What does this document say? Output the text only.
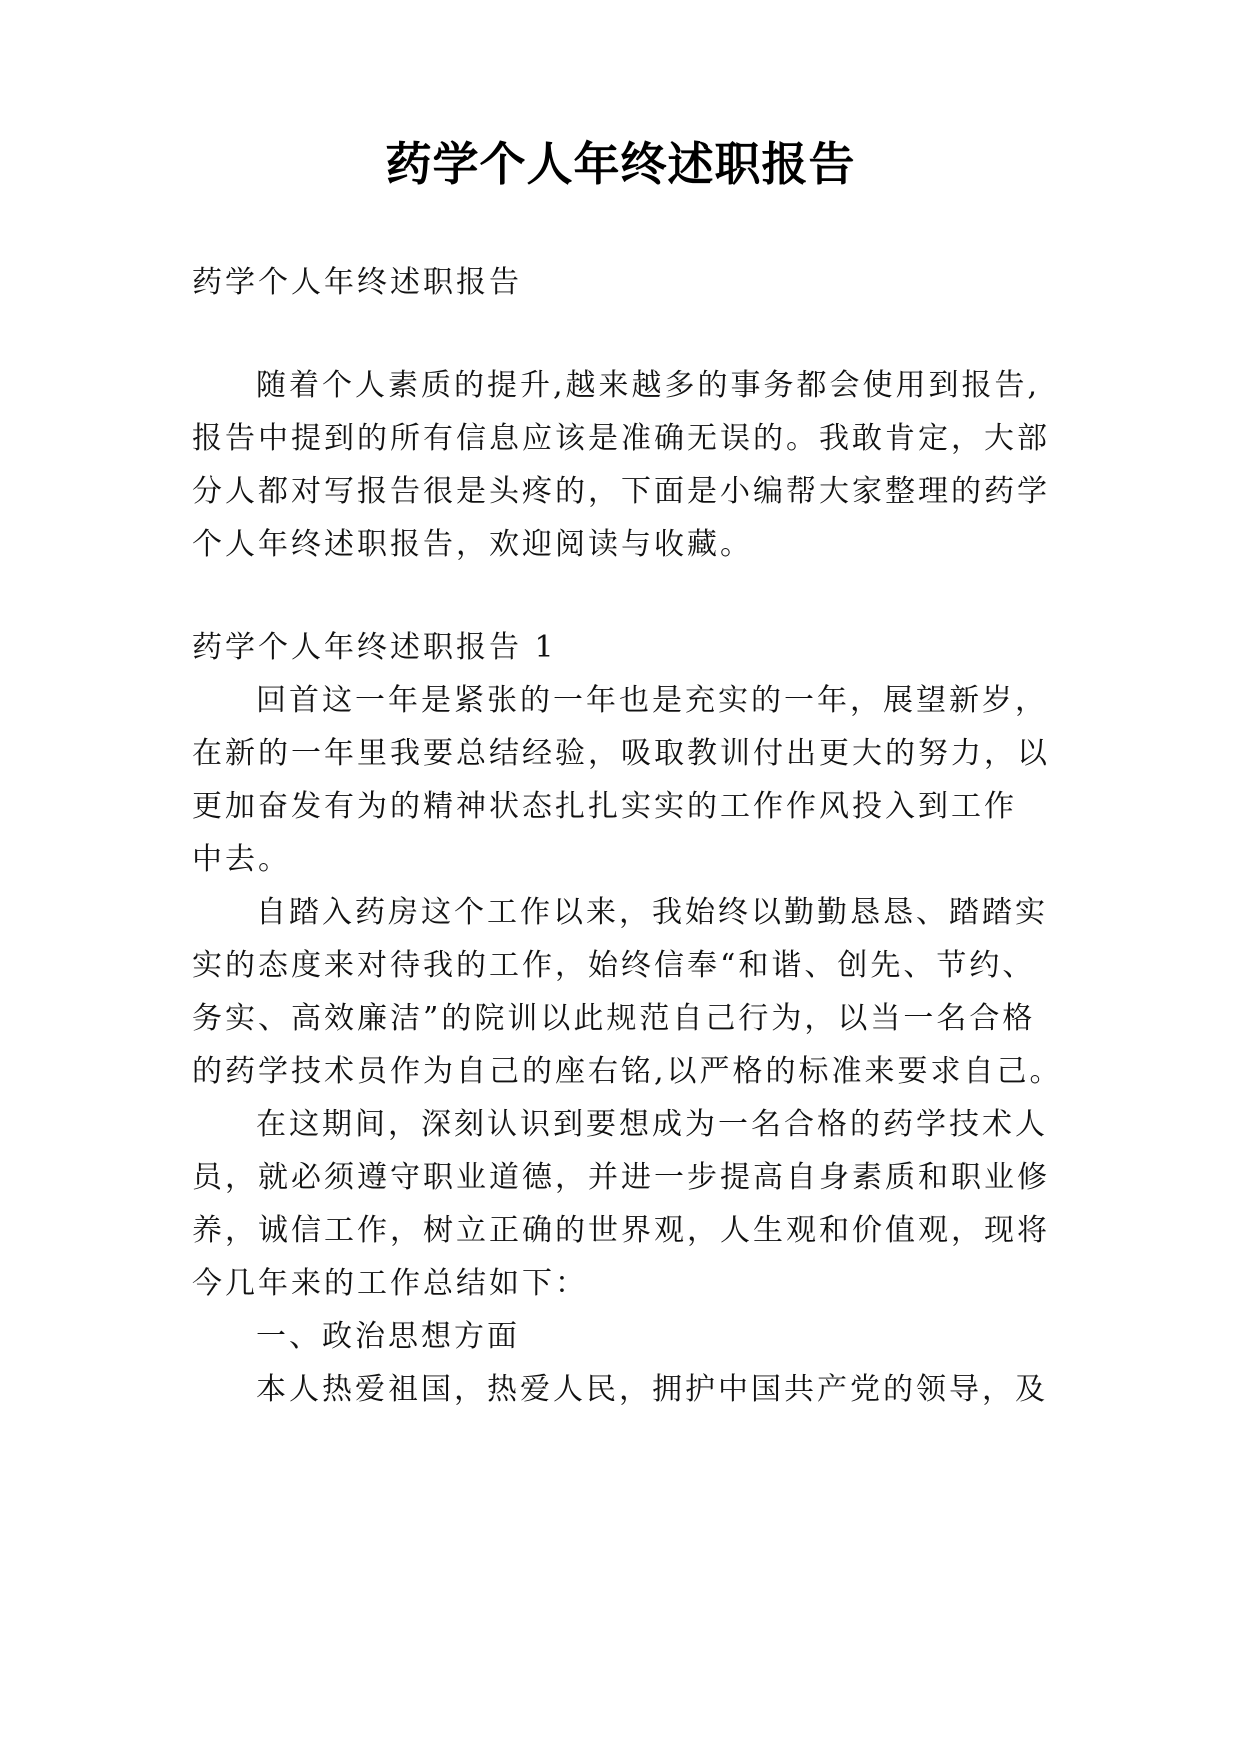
药学个人年终述职报告
药学个人年终述职报告
随着个人素质的提升,越来越多的事务都会使用到报告,
报告中提到的所有信息应该是准确无误的。我敢肯定，大部
分人都对写报告很是头疼的，下面是小编帮大家整理的药学
个人年终述职报告，欢迎阅读与收藏。
药学个人年终述职报告 1
回首这一年是紧张的一年也是充实的一年，展望新岁，
在新的一年里我要总结经验，吸取教训付出更大的努力，以
更加奋发有为的精神状态扎扎实实的工作作风投入到工作
中去。
自踏入药房这个工作以来，我始终以勤勤恳恳、踏踏实
实的态度来对待我的工作，始终信奉“和谐、创先、节约、
务实、高效廉洁”的院训以此规范自己行为，以当一名合格
的药学技术员作为自己的座右铭,以严格的标准来要求自己。
在这期间，深刻认识到要想成为一名合格的药学技术人
员，就必须遵守职业道德，并进一步提高自身素质和职业修
养，诚信工作，树立正确的世界观，人生观和价值观，现将
今几年来的工作总结如下：
一、政治思想方面
本人热爱祖国，热爱人民，拥护中国共产党的领导，及
